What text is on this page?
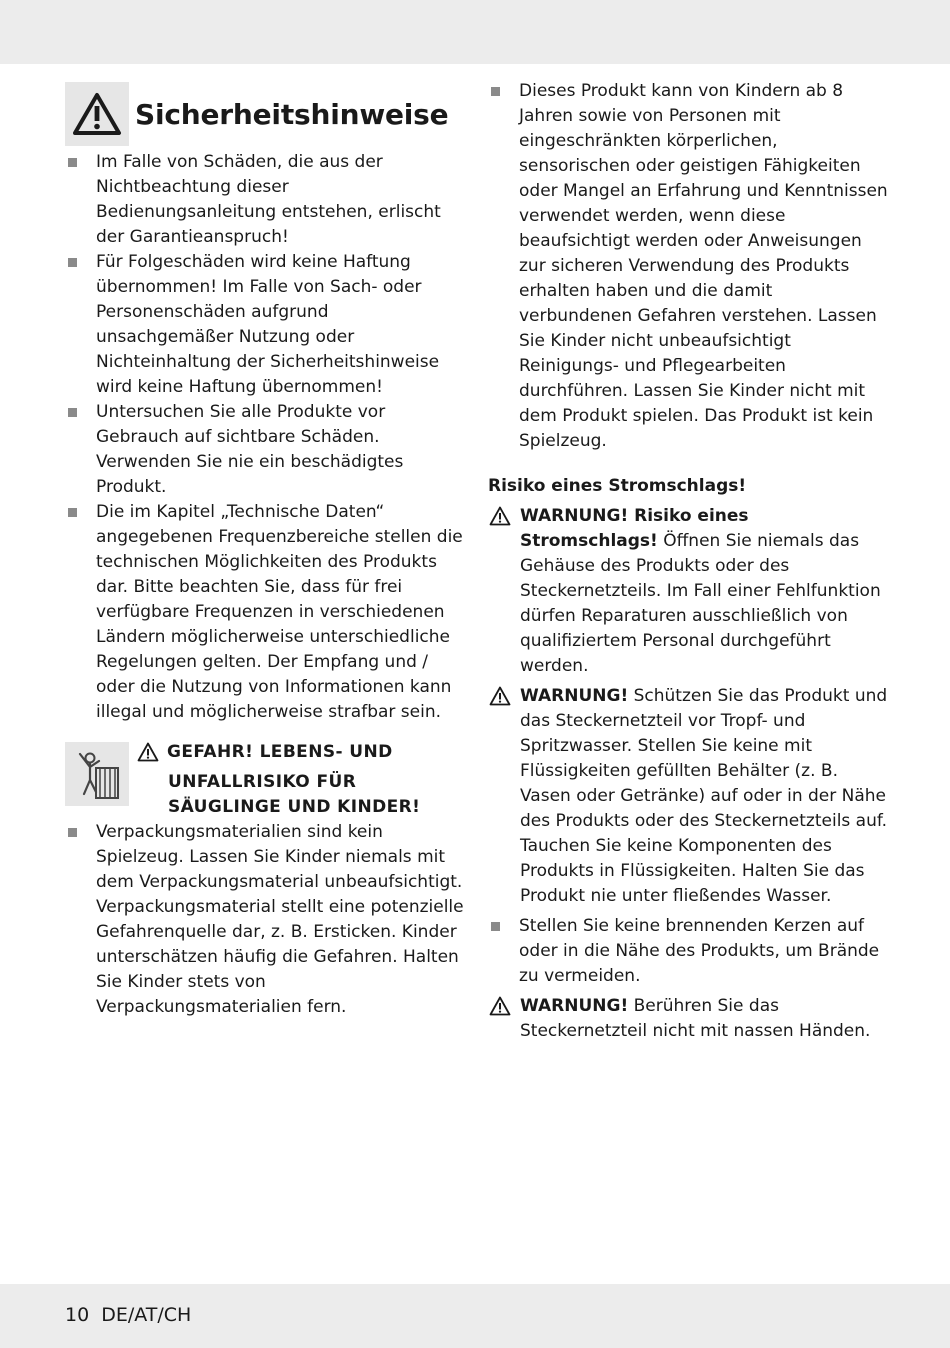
Sicherheitshinweise

Im Falle von Schäden, die aus der Nichtbeachtung dieser Bedienungsanleitung entstehen, erlischt der Garantieanspruch!

Für Folgeschäden wird keine Haftung übernommen! Im Falle von Sach- oder Personenschäden aufgrund unsachgemäßer Nutzung oder Nichteinhaltung der Sicherheitshinweise wird keine Haftung übernommen!

Untersuchen Sie alle Produkte vor Gebrauch auf sichtbare Schäden. Verwenden Sie nie ein beschädigtes Produkt.

Die im Kapitel „Technische Daten“ angegebenen Frequenzbereiche stellen die technischen Möglichkeiten des Produkts dar. Bitte beachten Sie, dass für frei verfügbare Frequenzen in verschiedenen Ländern möglicherweise unterschiedliche Regelungen gelten. Der Empfang und / oder die Nutzung von Informationen kann illegal und möglicherweise strafbar sein.

GEFAHR! LEBENS- UND
UNFALLRISIKO FÜR
SÄUGLINGE UND KINDER!

Verpackungsmaterialien sind kein Spielzeug. Lassen Sie Kinder niemals mit dem Verpackungsmaterial unbeaufsichtigt. Verpackungsmaterial stellt eine potenzielle Gefahrenquelle dar, z. B. Ersticken. Kinder unterschätzen häufig die Gefahren. Halten Sie Kinder stets von Verpackungsmaterialien fern.

Dieses Produkt kann von Kindern ab 8 Jahren sowie von Personen mit eingeschränkten körperlichen, sensorischen oder geistigen Fähigkeiten oder Mangel an Erfahrung und Kenntnissen verwendet werden, wenn diese beaufsichtigt werden oder Anweisungen zur sicheren Verwendung des Produkts erhalten haben und die damit verbundenen Gefahren verstehen. Lassen Sie Kinder nicht unbeaufsichtigt Reinigungs- und Pflegearbeiten durchführen. Lassen Sie Kinder nicht mit dem Produkt spielen. Das Produkt ist kein Spielzeug.

Risiko eines Stromschlags!
WARNUNG! Risiko eines Stromschlags! Öffnen Sie niemals das Gehäuse des Produkts oder des Steckernetzteils. Im Fall einer Fehlfunktion dürfen Reparaturen ausschließlich von qualifiziertem Personal durchgeführt werden.
WARNUNG! Schützen Sie das Produkt und das Steckernetzteil vor Tropf- und Spritzwasser. Stellen Sie keine mit Flüssigkeiten gefüllten Behälter (z. B. Vasen oder Getränke) auf oder in der Nähe des Produkts oder des Steckernetzteils auf. Tauchen Sie keine Komponenten des Produkts in Flüssigkeiten. Halten Sie das Produkt nie unter fließendes Wasser.

Stellen Sie keine brennenden Kerzen auf oder in die Nähe des Produkts, um Brände zu vermeiden.

WARNUNG! Berühren Sie das Steckernetzteil nicht mit nassen Händen.
10 DE/AT/CH
